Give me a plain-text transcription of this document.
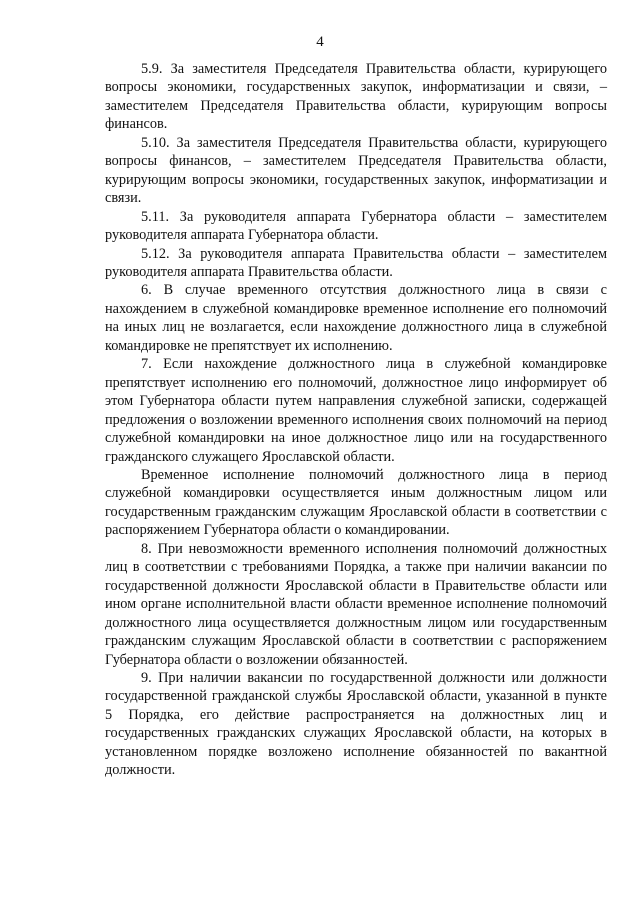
4

5.9. За заместителя Председателя Правительства области, курирующего вопросы экономики, государственных закупок, информатизации и связи, – заместителем Председателя Правительства области, курирующим вопросы финансов.

5.10. За заместителя Председателя Правительства области, курирующего вопросы финансов, – заместителем Председателя Правительства области, курирующим вопросы экономики, государственных закупок, информатизации и связи.

5.11. За руководителя аппарата Губернатора области – заместителем руководителя аппарата Губернатора области.

5.12. За руководителя аппарата Правительства области – заместителем руководителя аппарата Правительства области.

6. В случае временного отсутствия должностного лица в связи с нахождением в служебной командировке временное исполнение его полномочий на иных лиц не возлагается, если нахождение должностного лица в служебной командировке не препятствует их исполнению.

7. Если нахождение должностного лица в служебной командировке препятствует исполнению его полномочий, должностное лицо информирует об этом Губернатора области путем направления служебной записки, содержащей предложения о возложении временного исполнения своих полномочий на период служебной командировки на иное должностное лицо или на государственного гражданского служащего Ярославской области.

Временное исполнение полномочий должностного лица в период служебной командировки осуществляется иным должностным лицом или государственным гражданским служащим Ярославской области в соответствии с распоряжением Губернатора области о командировании.

8. При невозможности временного исполнения полномочий должностных лиц в соответствии с требованиями Порядка, а также при наличии вакансии по государственной должности Ярославской области в Правительстве области или ином органе исполнительной власти области временное исполнение полномочий должностного лица осуществляется должностным лицом или государственным гражданским служащим Ярославской области в соответствии с распоряжением Губернатора области о возложении обязанностей.

9. При наличии вакансии по государственной должности или должности государственной гражданской службы Ярославской области, указанной в пункте 5 Порядка, его действие распространяется на должностных лиц и государственных гражданских служащих Ярославской области, на которых в установленном порядке возложено исполнение обязанностей по вакантной должности.
